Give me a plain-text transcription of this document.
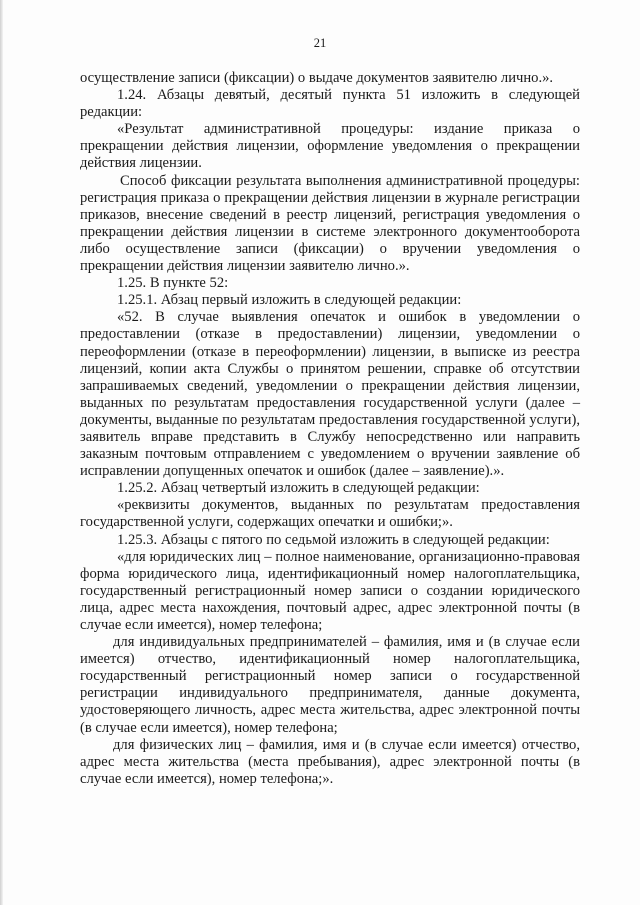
21

осуществление записи (фиксации) о выдаче документов заявителю лично.».

1.24. Абзацы девятый, десятый пункта 51 изложить в следующей редакции:

«Результат административной процедуры: издание приказа о прекращении действия лицензии, оформление уведомления о прекращении действия лицензии.

Способ фиксации результата выполнения административной процедуры: регистрация приказа о прекращении действия лицензии в журнале регистрации приказов, внесение сведений в реестр лицензий, регистрация уведомления о прекращении действия лицензии в системе электронного документооборота либо осуществление записи (фиксации) о вручении уведомления о прекращении действия лицензии заявителю лично.».

1.25. В пункте 52:

1.25.1. Абзац первый изложить в следующей редакции:

«52. В случае выявления опечаток и ошибок в уведомлении о предоставлении (отказе в предоставлении) лицензии, уведомлении о переоформлении (отказе в переоформлении) лицензии, в выписке из реестра лицензий, копии акта Службы о принятом решении, справке об отсутствии запрашиваемых сведений, уведомлении о прекращении действия лицензии, выданных по результатам предоставления государственной услуги (далее – документы, выданные по результатам предоставления государственной услуги), заявитель вправе представить в Службу непосредственно или направить заказным почтовым отправлением с уведомлением о вручении заявление об исправлении допущенных опечаток и ошибок (далее – заявление).».

1.25.2. Абзац четвертый изложить в следующей редакции:

«реквизиты документов, выданных по результатам предоставления государственной услуги, содержащих опечатки и ошибки;».

1.25.3. Абзацы с пятого по седьмой изложить в следующей редакции:

«для юридических лиц – полное наименование, организационно-правовая форма юридического лица, идентификационный номер налогоплательщика, государственный регистрационный номер записи о создании юридического лица, адрес места нахождения, почтовый адрес, адрес электронной почты (в случае если имеется), номер телефона;

для индивидуальных предпринимателей – фамилия, имя и (в случае если имеется) отчество, идентификационный номер налогоплательщика, государственный регистрационный номер записи о государственной регистрации индивидуального предпринимателя, данные документа, удостоверяющего личность, адрес места жительства, адрес электронной почты (в случае если имеется), номер телефона;

для физических лиц – фамилия, имя и (в случае если имеется) отчество, адрес места жительства (места пребывания), адрес электронной почты (в случае если имеется), номер телефона;».
